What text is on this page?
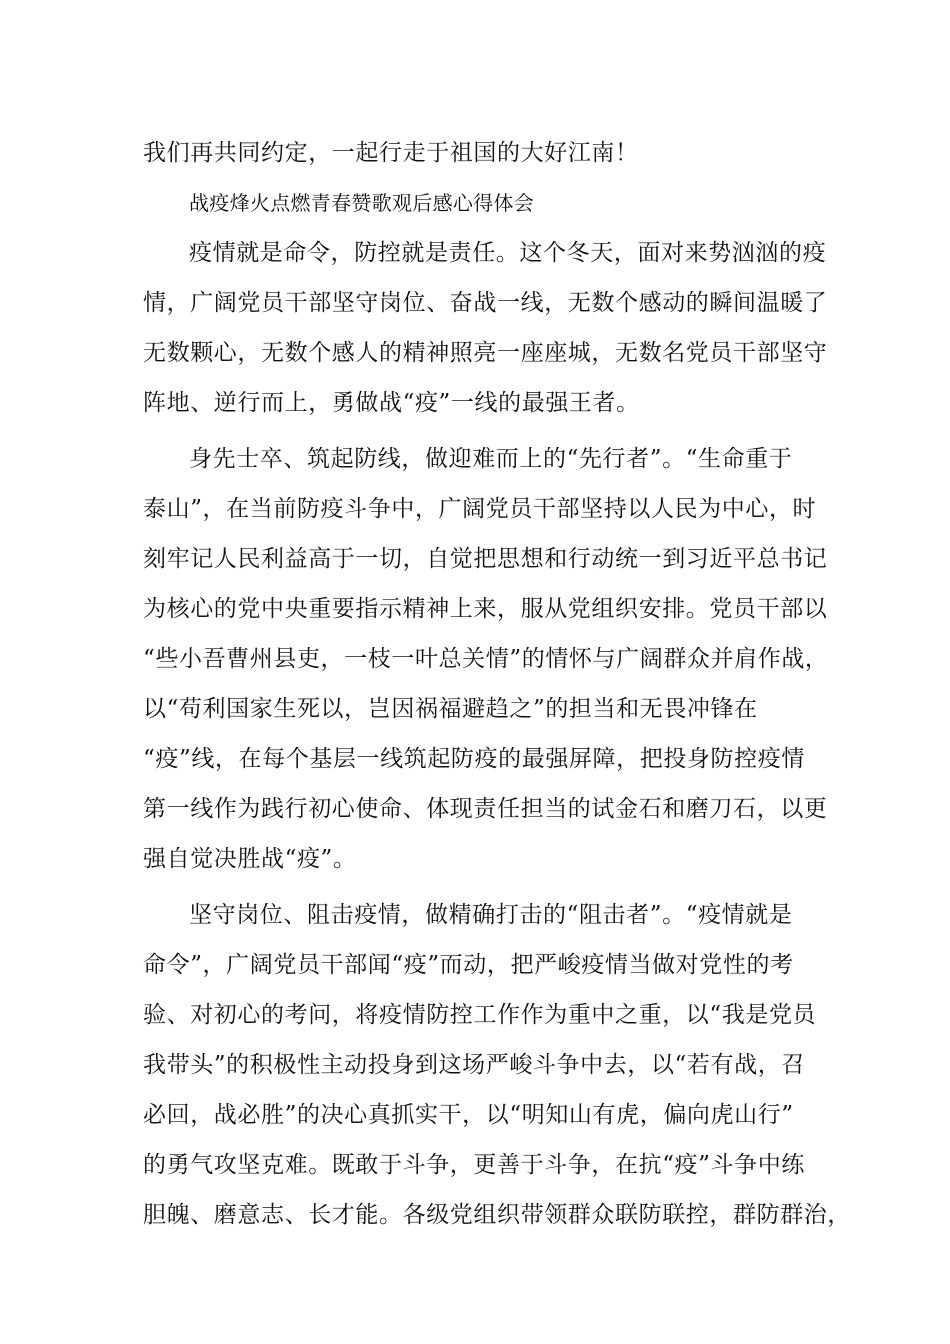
我们再共同约定，一起行走于祖国的大好江南！
战疫烽火点燃青春赞歌观后感心得体会
疫情就是命令，防控就是责任。这个冬天，面对来势汹汹的疫
情，广阔党员干部坚守岗位、奋战一线，无数个感动的瞬间温暖了
无数颗心，无数个感人的精神照亮一座座城，无数名党员干部坚守
阵地、逆行而上，勇做战“疫”一线的最强王者。
身先士卒、筑起防线，做迎难而上的“先行者”。“生命重于
泰山”，在当前防疫斗争中，广阔党员干部坚持以人民为中心，时
刻牢记人民利益高于一切，自觉把思想和行动统一到习近平总书记
为核心的党中央重要指示精神上来，服从党组织安排。党员干部以
“些小吾曹州县吏，一枝一叶总关情”的情怀与广阔群众并肩作战，
以“苟利国家生死以，岂因祸福避趋之”的担当和无畏冲锋在
“疫”线，在每个基层一线筑起防疫的最强屏障，把投身防控疫情
第一线作为践行初心使命、体现责任担当的试金石和磨刀石，以更
强自觉决胜战“疫”。
坚守岗位、阻击疫情，做精确打击的“阻击者”。“疫情就是
命令”，广阔党员干部闻“疫”而动，把严峻疫情当做对党性的考
验、对初心的考问，将疫情防控工作作为重中之重，以“我是党员
我带头”的积极性主动投身到这场严峻斗争中去，以“若有战，召
必回，战必胜”的决心真抓实干，以“明知山有虎，偏向虎山行”
的勇气攻坚克难。既敢于斗争，更善于斗争，在抗“疫”斗争中练
胆魄、磨意志、长才能。各级党组织带领群众联防联控，群防群治，
